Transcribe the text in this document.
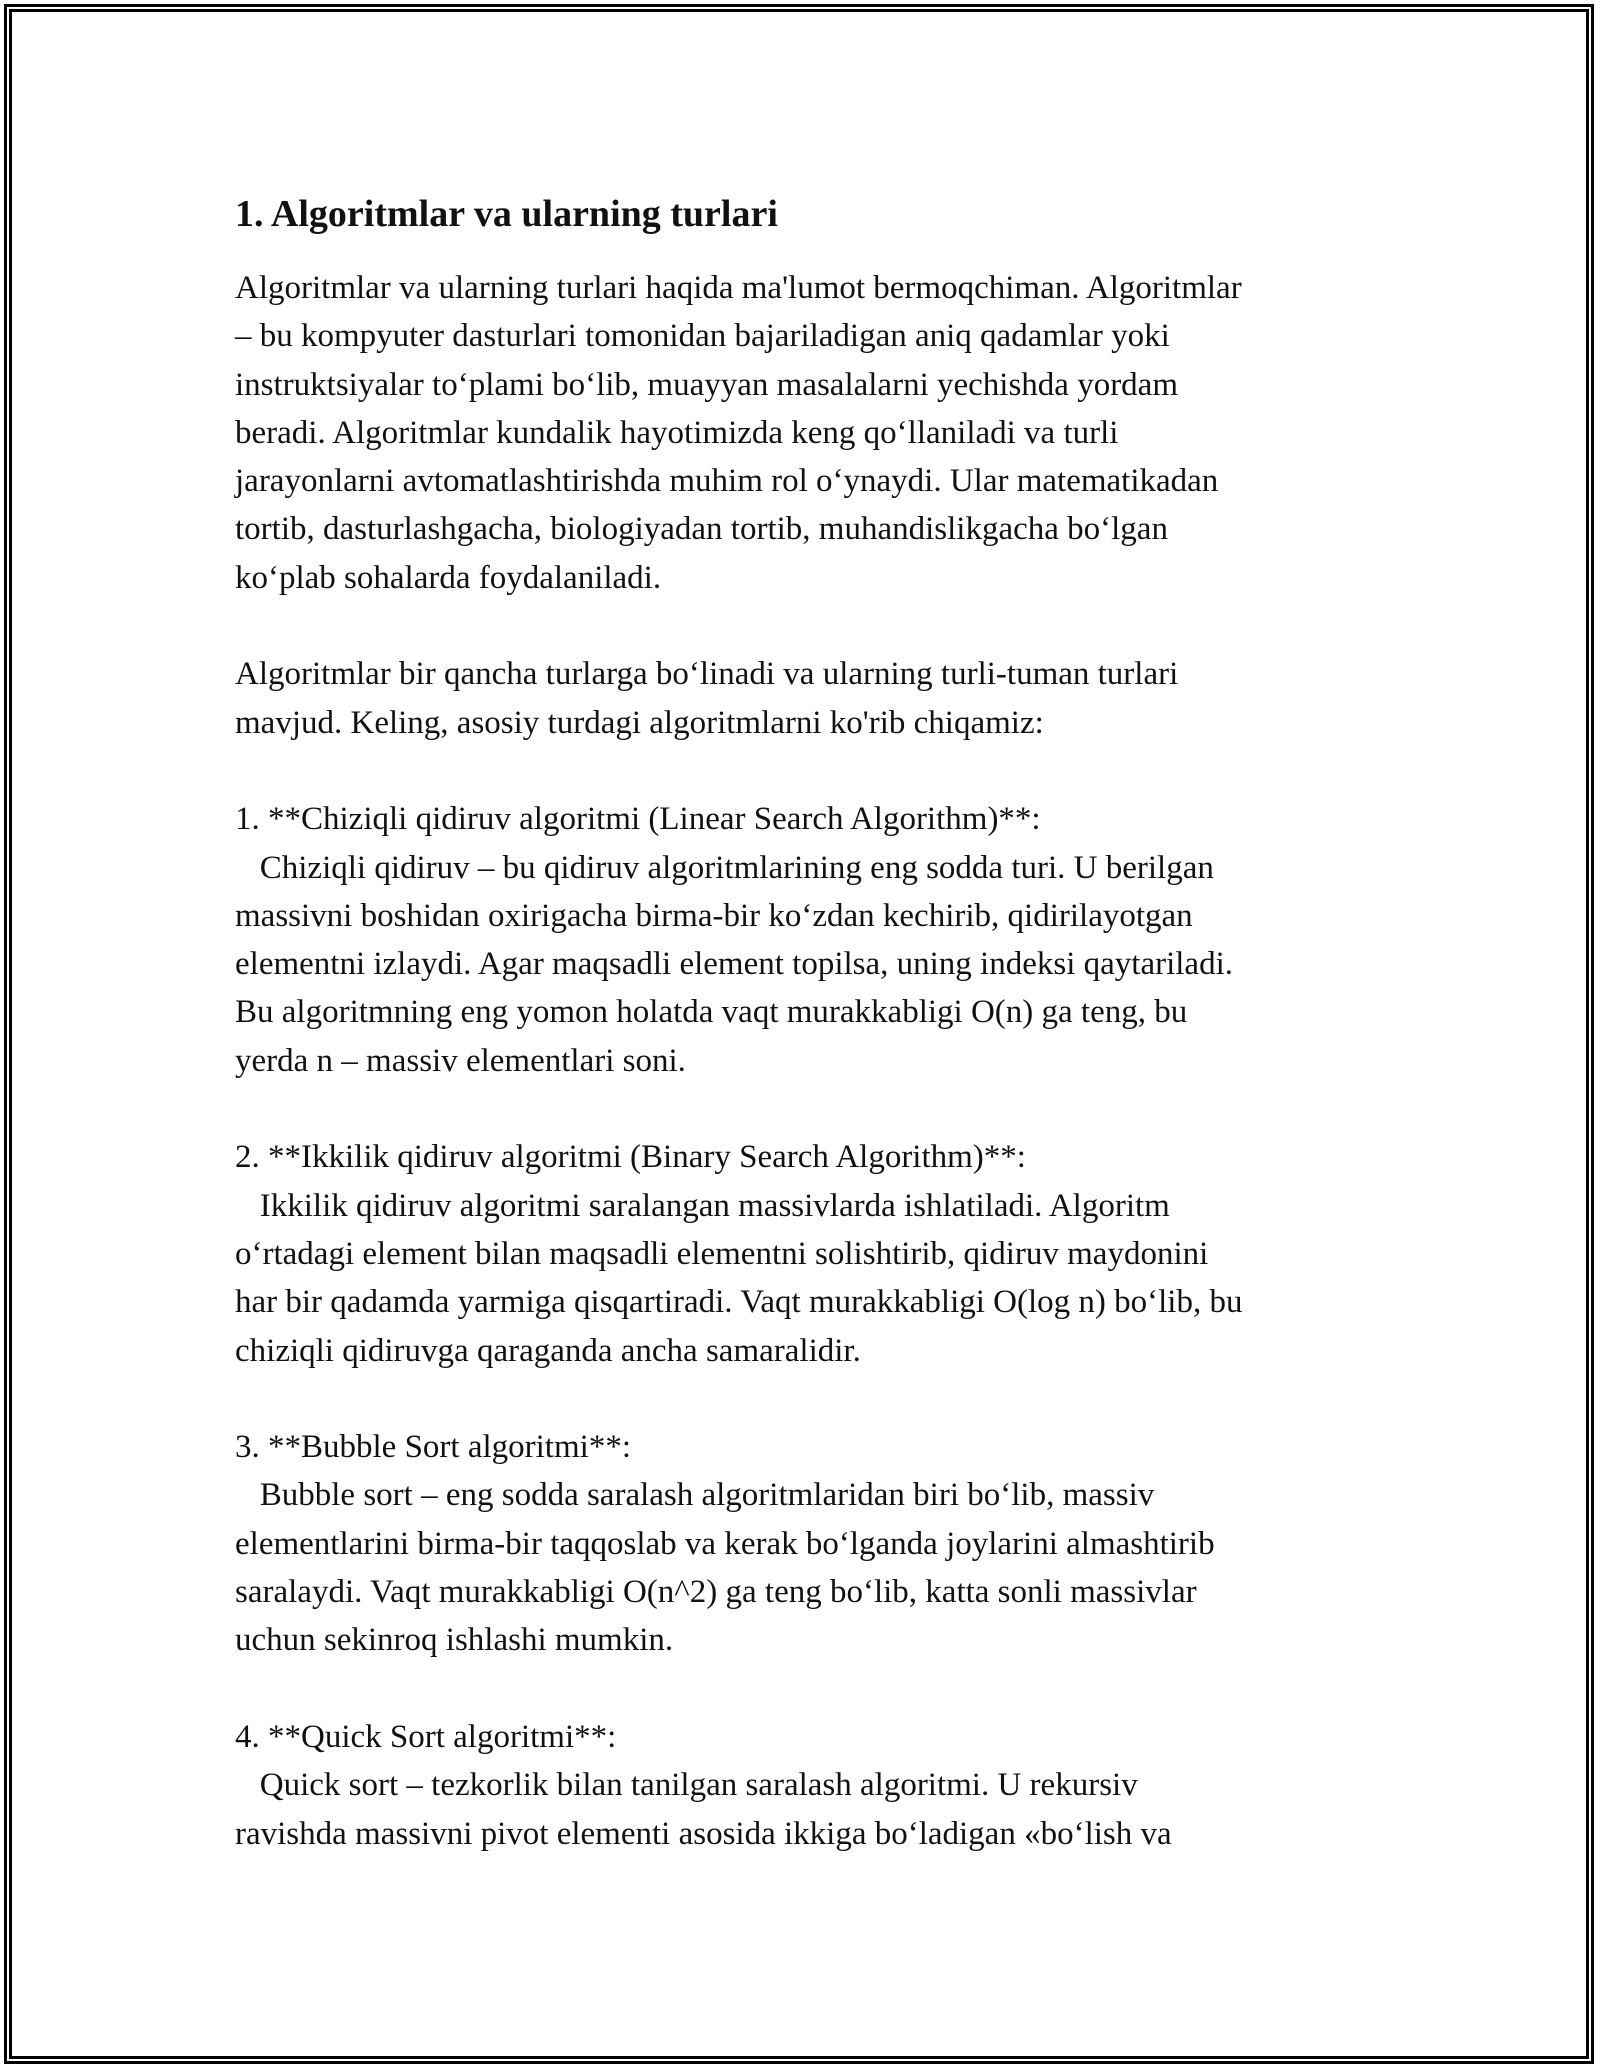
1. Algoritmlar va ularning turlari

Algoritmlar va ularning turlari haqida ma'lumot bermoqchiman. Algoritmlar
– bu kompyuter dasturlari tomonidan bajariladigan aniq qadamlar yoki
instruktsiyalar to‘plami bo‘lib, muayyan masalalarni yechishda yordam
beradi. Algoritmlar kundalik hayotimizda keng qo‘llaniladi va turli
jarayonlarni avtomatlashtirishda muhim rol o‘ynaydi. Ular matematikadan
tortib, dasturlashgacha, biologiyadan tortib, muhandislikgacha bo‘lgan
ko‘plab sohalarda foydalaniladi.

Algoritmlar bir qancha turlarga bo‘linadi va ularning turli-tuman turlari
mavjud. Keling, asosiy turdagi algoritmlarni ko'rib chiqamiz:

1. **Chiziqli qidiruv algoritmi (Linear Search Algorithm)**:
Chiziqli qidiruv – bu qidiruv algoritmlarining eng sodda turi. U berilgan
massivni boshidan oxirigacha birma-bir ko‘zdan kechirib, qidirilayotgan
elementni izlaydi. Agar maqsadli element topilsa, uning indeksi qaytariladi.
Bu algoritmning eng yomon holatda vaqt murakkabligi O(n) ga teng, bu
yerda n – massiv elementlari soni.

2. **Ikkilik qidiruv algoritmi (Binary Search Algorithm)**:
Ikkilik qidiruv algoritmi saralangan massivlarda ishlatiladi. Algoritm
o‘rtadagi element bilan maqsadli elementni solishtirib, qidiruv maydonini
har bir qadamda yarmiga qisqartiradi. Vaqt murakkabligi O(log n) bo‘lib, bu
chiziqli qidiruvga qaraganda ancha samaralidir.

3. **Bubble Sort algoritmi**:
Bubble sort – eng sodda saralash algoritmlaridan biri bo‘lib, massiv
elementlarini birma-bir taqqoslab va kerak bo‘lganda joylarini almashtirib
saralaydi. Vaqt murakkabligi O(n^2) ga teng bo‘lib, katta sonli massivlar
uchun sekinroq ishlashi mumkin.

4. **Quick Sort algoritmi**:
Quick sort – tezkorlik bilan tanilgan saralash algoritmi. U rekursiv
ravishda massivni pivot elementi asosida ikkiga bo‘ladigan «bo‘lish va
